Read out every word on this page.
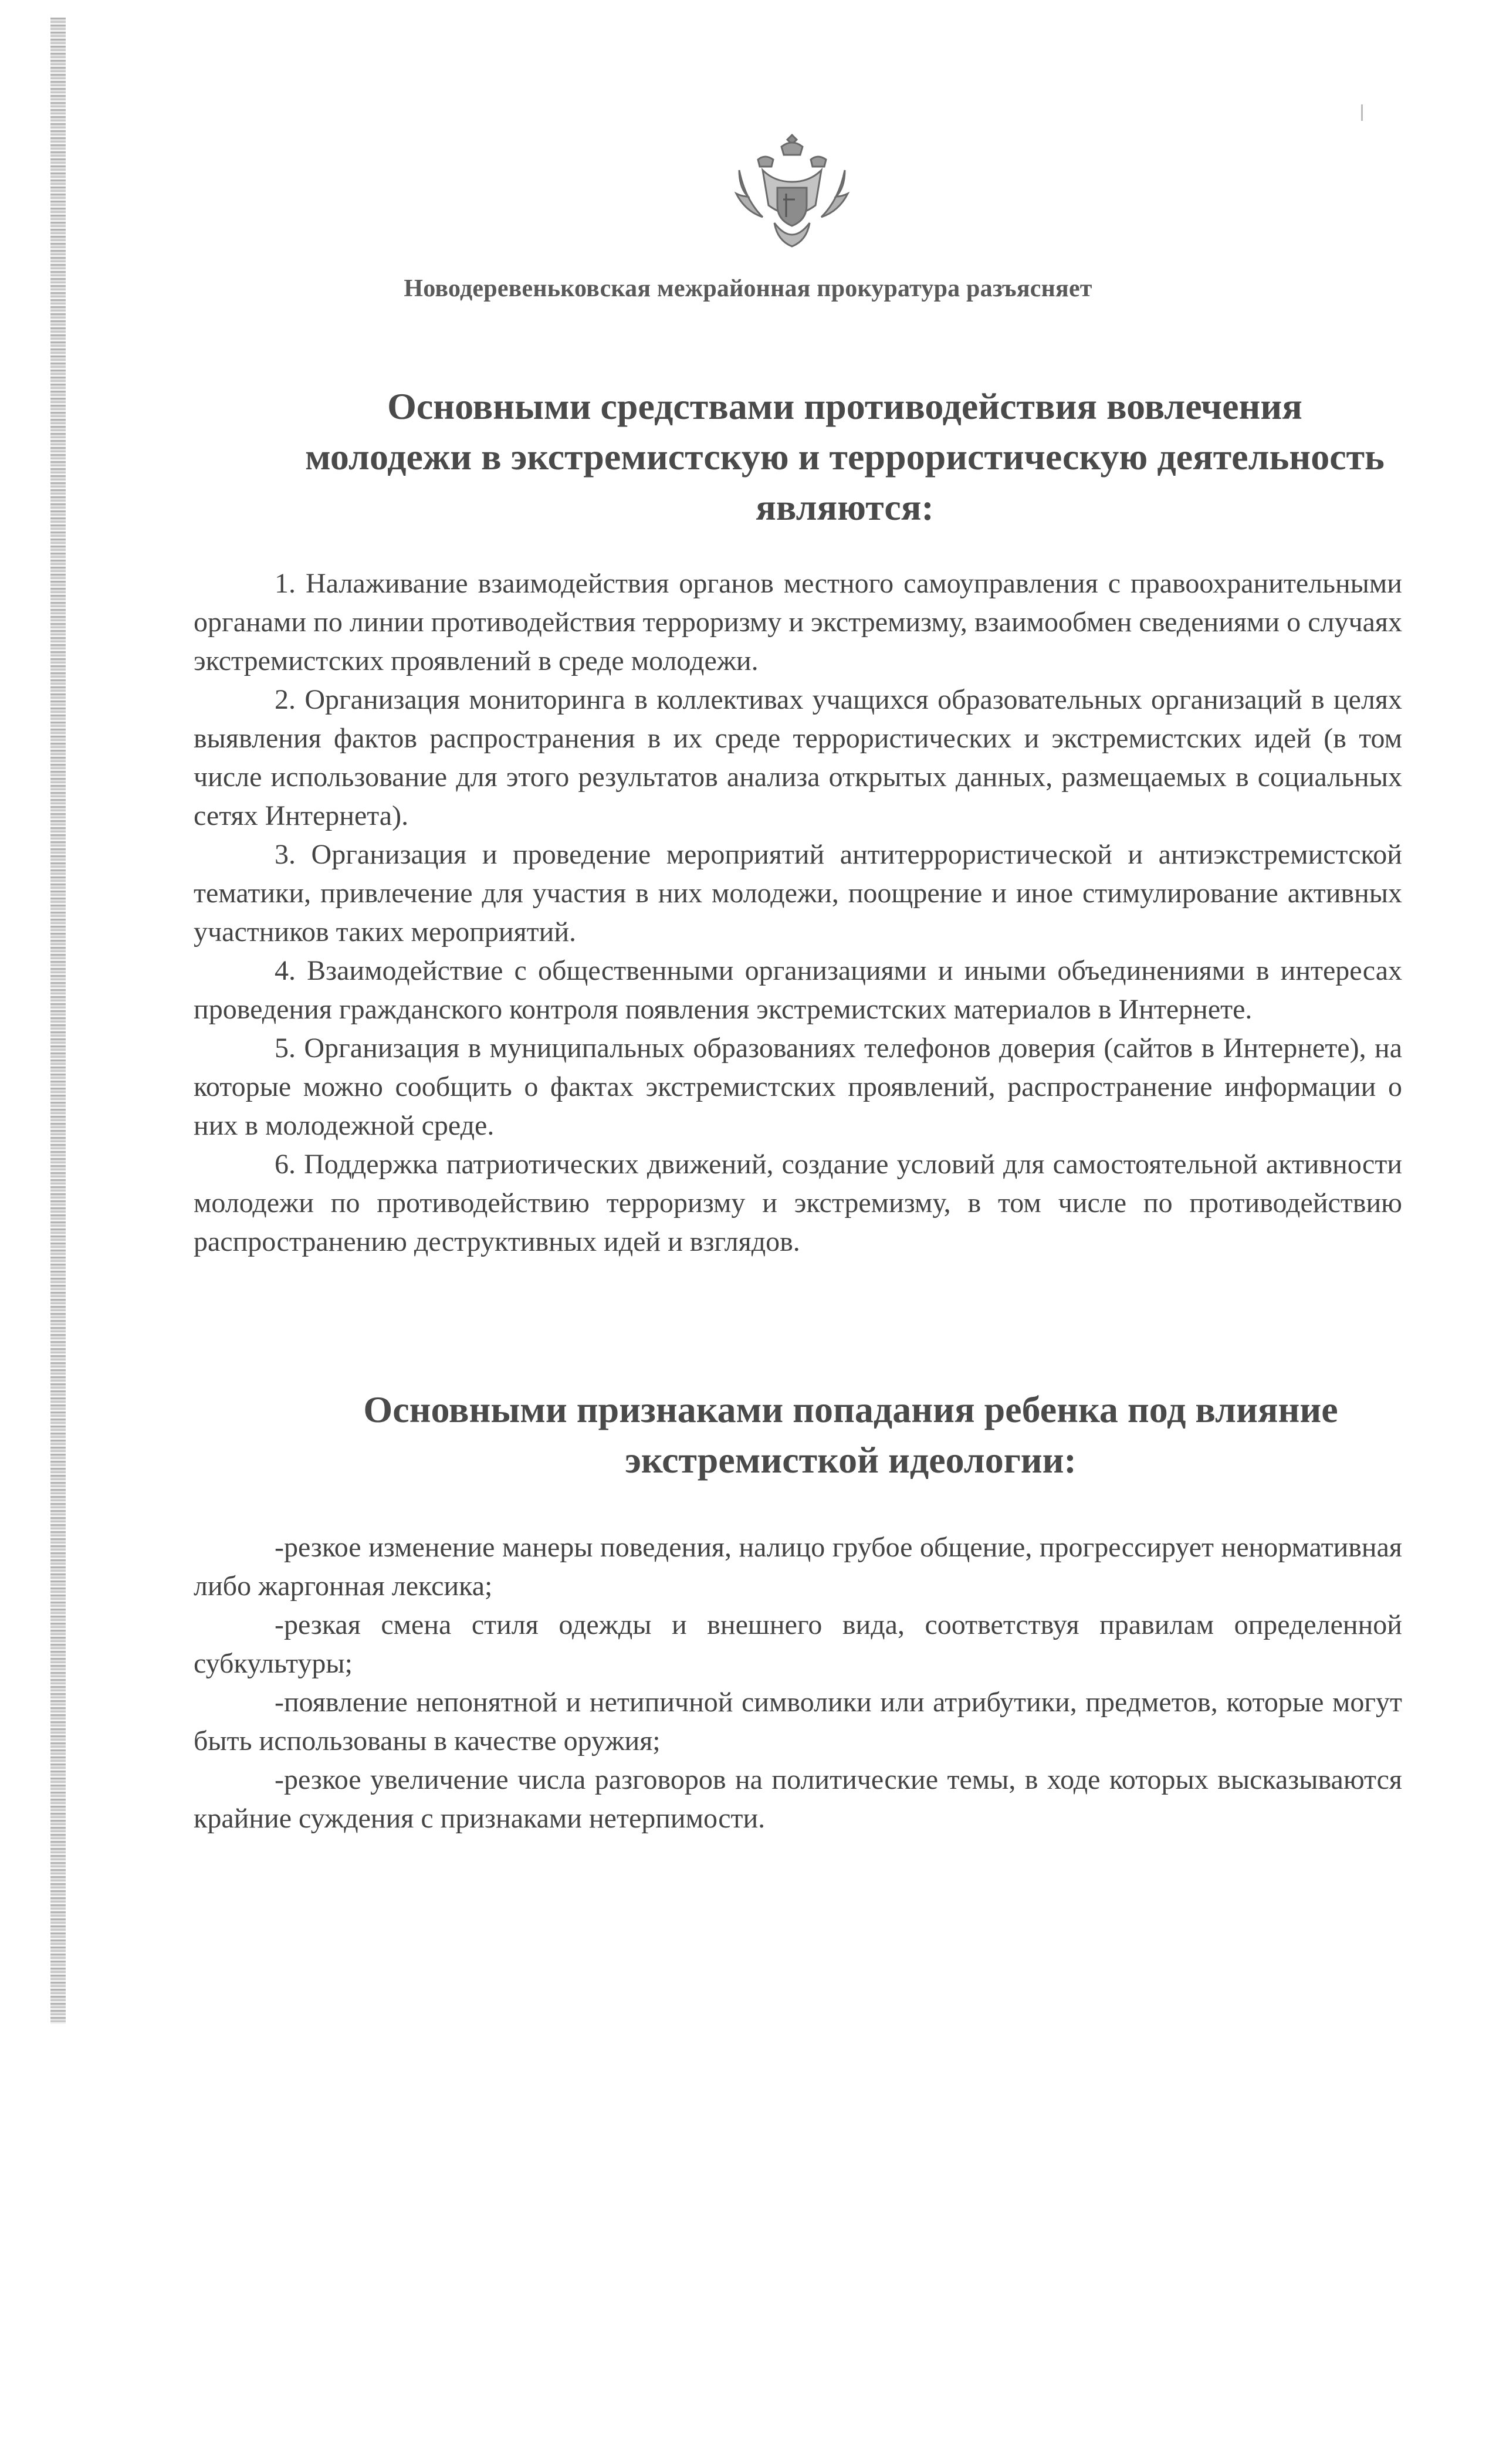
Новодеревеньковская межрайонная прокуратура разъясняет
Основными средствами противодействия вовлечения молодежи в экстремистскую и террористическую деятельность являются:

1. Налаживание взаимодействия органов местного самоуправления с правоохранительными органами по линии противодействия терроризму и экстремизму, взаимообмен сведениями о случаях экстремистских проявлений в среде молодежи.

2. Организация мониторинга в коллективах учащихся образовательных организаций в целях выявления фактов распространения в их среде террористических и экстремистских идей (в том числе использование для этого результатов анализа открытых данных, размещаемых в социальных сетях Интернета).

3. Организация и проведение мероприятий антитеррористической и антиэкстремистской тематики, привлечение для участия в них молодежи, поощрение и иное стимулирование активных участников таких мероприятий.

4. Взаимодействие с общественными организациями и иными объединениями в интересах проведения гражданского контроля появления экстремистских материалов в Интернете.

5. Организация в муниципальных образованиях телефонов доверия (сайтов в Интернете), на которые можно сообщить о фактах экстремистских проявлений, распространение информации о них в молодежной среде.

6. Поддержка патриотических движений, создание условий для самостоятельной активности молодежи по противодействию терроризму и экстремизму, в том числе по противодействию распространению деструктивных идей и взглядов.

Основными признаками попадания ребенка под влияние экстремисткой идеологии:

-резкое изменение манеры поведения, налицо грубое общение, прогрессирует ненормативная либо жаргонная лексика;

-резкая смена стиля одежды и внешнего вида, соответствуя правилам определенной субкультуры;

-появление непонятной и нетипичной символики или атрибутики, предметов, которые могут быть использованы в качестве оружия;

-резкое увеличение числа разговоров на политические темы, в ходе которых высказываются крайние суждения с признаками нетерпимости.
